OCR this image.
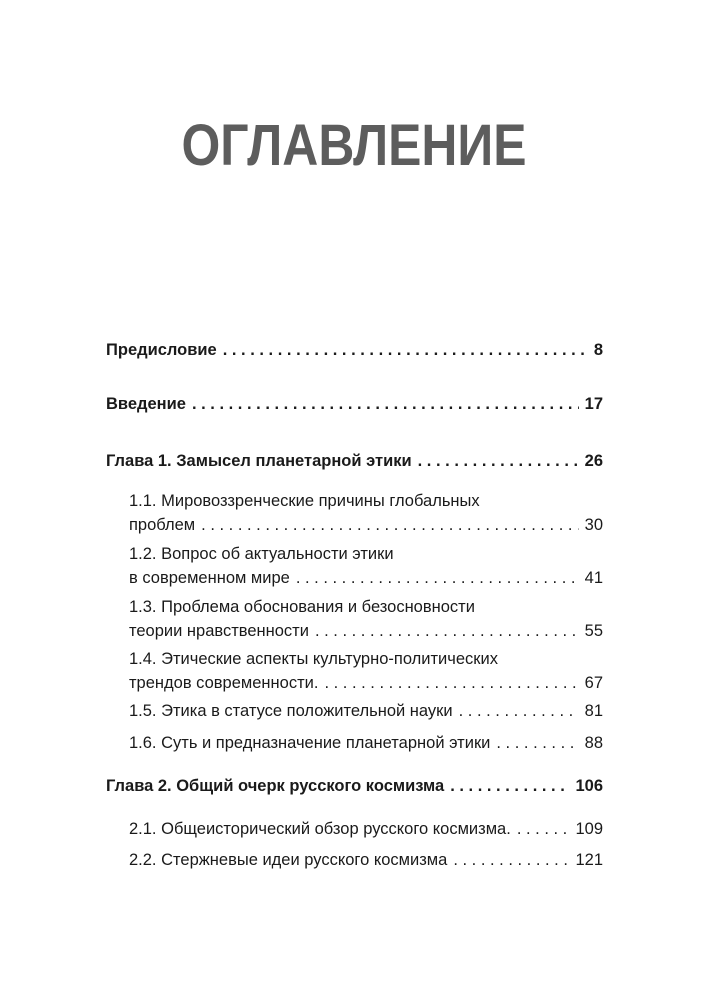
ОГЛАВЛЕНИЕ
Предисловие . . .	8
Введение . . .	17
Глава 1. Замысел планетарной этики . . .	26
1.1. Мировоззренческие причины глобальных
проблем . . .	30
1.2. Вопрос об актуальности этики
в современном мире . . .	41
1.3. Проблема обоснования и безосновности
теории нравственности . . .	55
1.4. Этические аспекты культурно-политических
трендов современности. . . .	67
1.5. Этика в статусе положительной науки . . .	81
1.6. Суть и предназначение планетарной этики . . .	88
Глава 2. Общий очерк русского космизма . . .	106
2.1. Общеисторический обзор русского космизма. . . .	109
2.2. Стержневые идеи русского космизма . . .	121
